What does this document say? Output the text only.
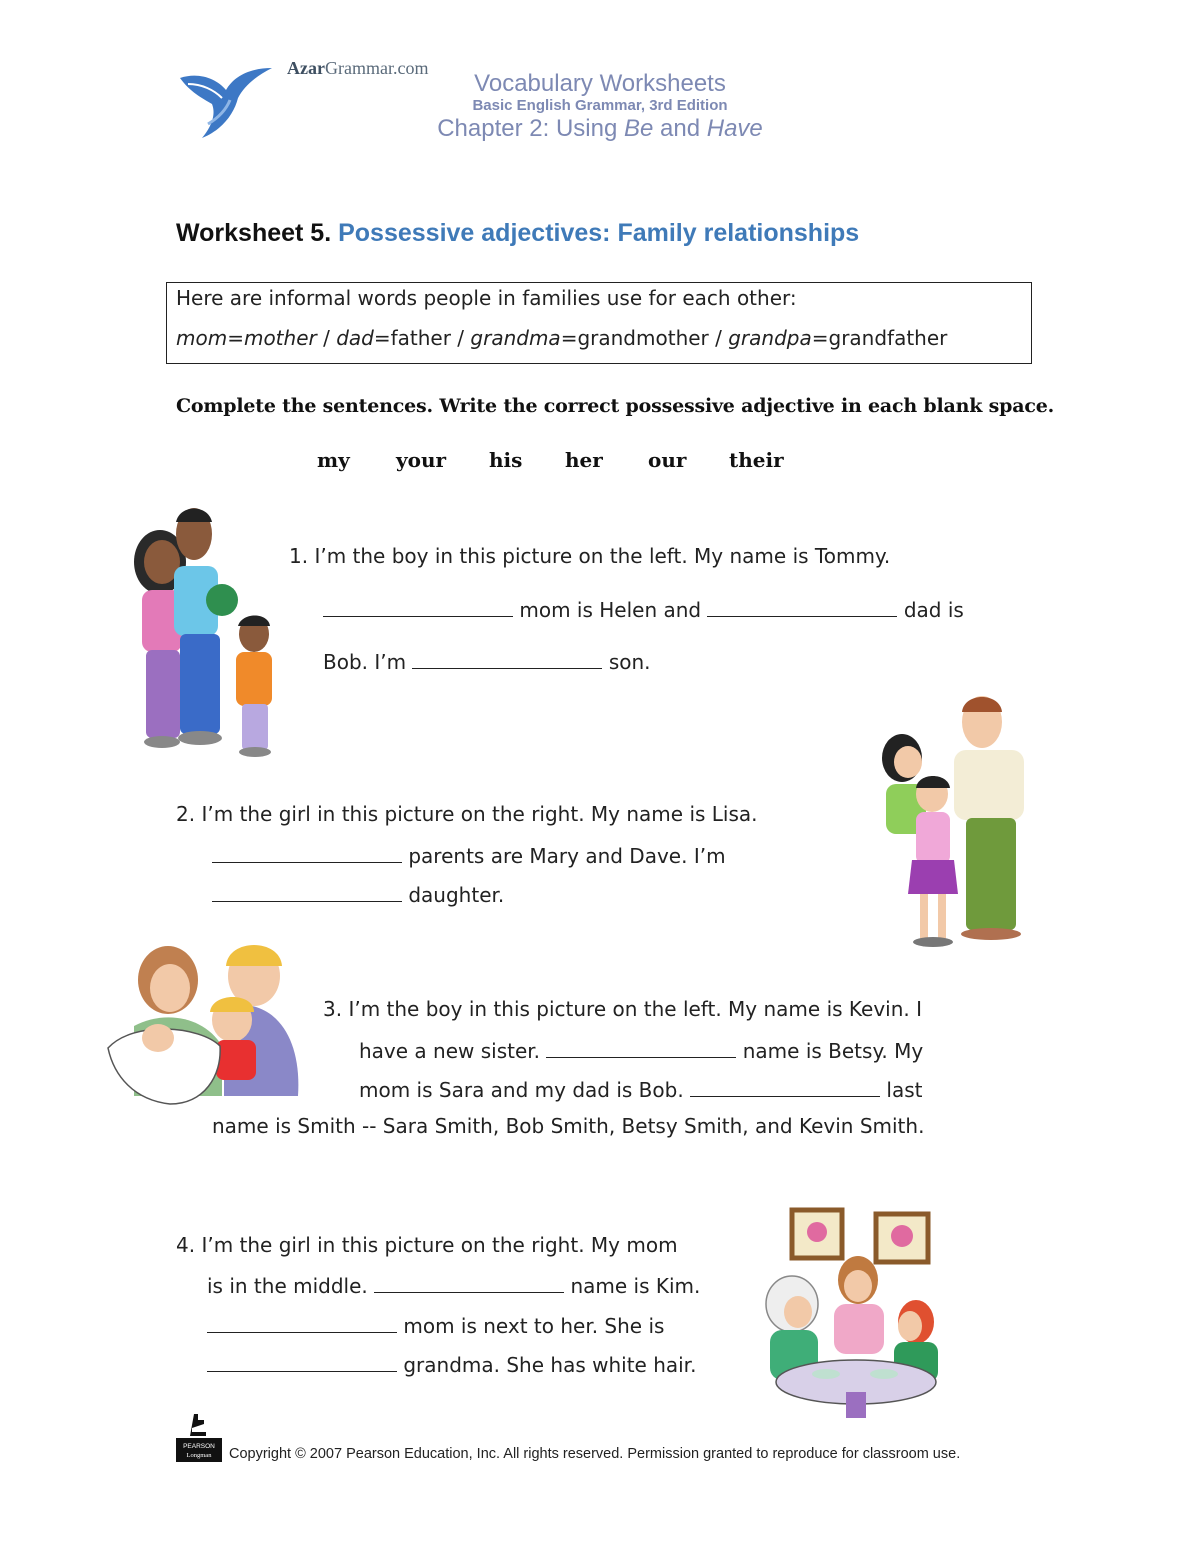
AzarGrammar.com
Vocabulary Worksheets
Basic English Grammar, 3rd Edition
Chapter 2: Using Be and Have
Worksheet 5. Possessive adjectives: Family relationships
Here are informal words people in families use for each other:
mom=mother / dad=father / grandma=grandmother / grandpa=grandfather
Complete the sentences. Write the correct possessive adjective in each blank space.
my your his her our their
1. I’m the boy in this picture on the left. My name is Tommy.
mom is Helen and	dad is
Bob. I’m	son.
2. I’m the girl in this picture on the right. My name is Lisa.
parents are Mary and Dave. I’m
daughter.
3. I’m the boy in this picture on the left. My name is Kevin. I
have a new sister.	name is Betsy. My
mom is Sara and my dad is Bob.	last
name is Smith -- Sara Smith, Bob Smith, Betsy Smith, and Kevin Smith.
4. I’m the girl in this picture on the right. My mom
is in the middle.	name is Kim.
mom is next to her. She is
grandma. She has white hair.
PEARSON
Longman Copyright © 2007 Pearson Education, Inc. All rights reserved. Permission granted to reproduce for classroom use.
